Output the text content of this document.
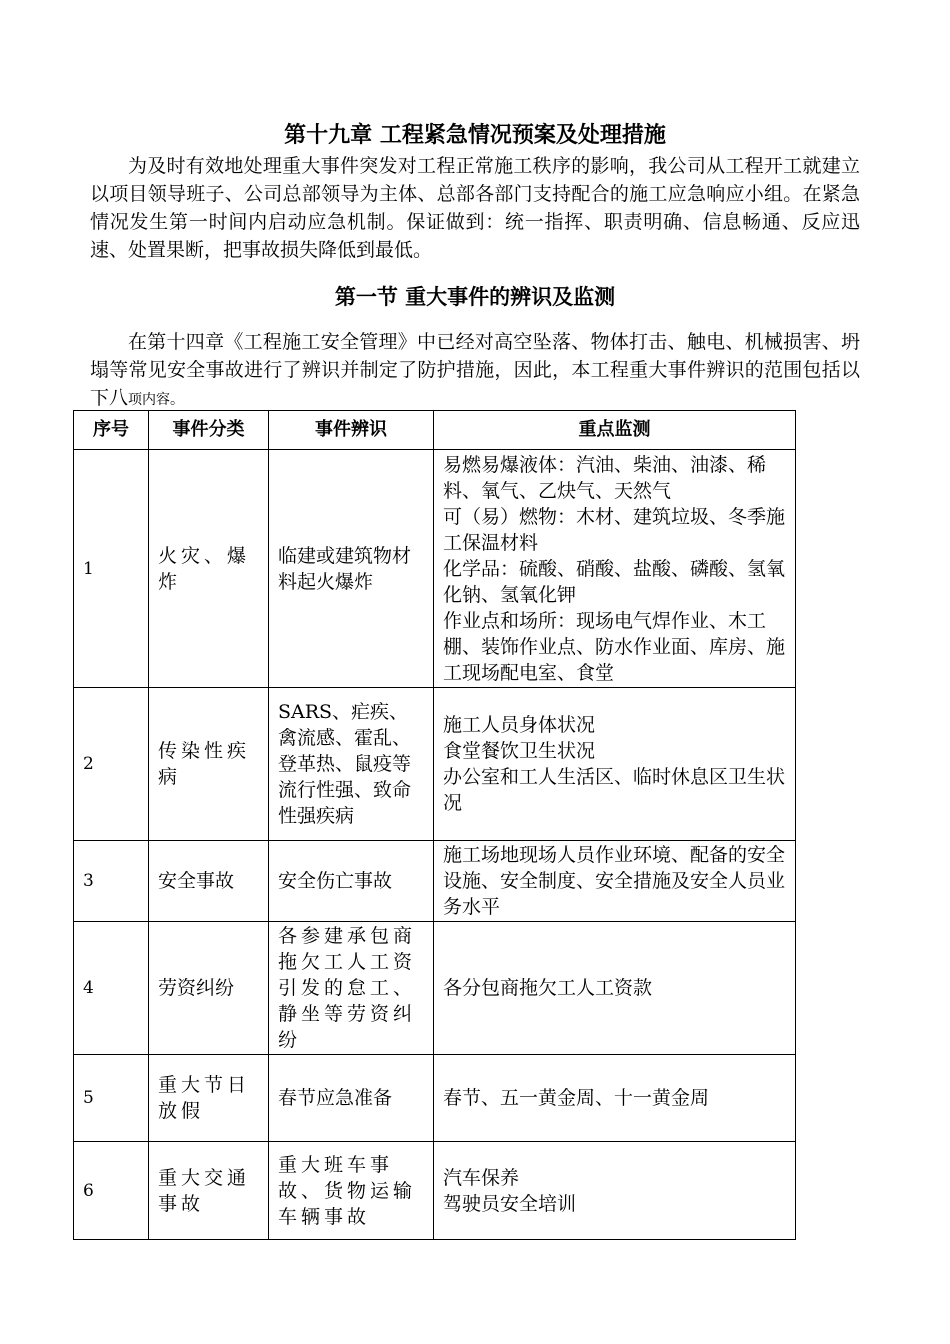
第十九章 工程紧急情况预案及处理措施

为及时有效地处理重大事件突发对工程正常施工秩序的影响，我公司从工程开工就建立以项目领导班子、公司总部领导为主体、总部各部门支持配合的施工应急响应小组。在紧急情况发生第一时间内启动应急机制。保证做到：统一指挥、职责明确、信息畅通、反应迅速、处置果断，把事故损失降低到最低。

第一节 重大事件的辨识及监测

在第十四章《工程施工安全管理》中已经对高空坠落、物体打击、触电、机械损害、坍塌等常见安全事故进行了辨识并制定了防护措施，因此，本工程重大事件辨识的范围包括以下八项内容。

序号	事件分类	事件辨识	重点监测
1	火灾、爆炸	临建或建筑物材料起火爆炸	易燃易爆液体：汽油、柴油、油漆、稀料、氧气、乙炔气、天然气
可（易）燃物：木材、建筑垃圾、冬季施工保温材料
化学品：硫酸、硝酸、盐酸、磷酸、氢氧化钠、氢氧化钾
作业点和场所：现场电气焊作业、木工棚、装饰作业点、防水作业面、库房、施工现场配电室、食堂

2	传染性疾病	SARS、疟疾、禽流感、霍乱、登革热、鼠疫等流行性强、致命性强疾病	施工人员身体状况
食堂餐饮卫生状况
办公室和工人生活区、临时休息区卫生状况

3	安全事故	安全伤亡事故	施工场地现场人员作业环境、配备的安全设施、安全制度、安全措施及安全人员业务水平

4	劳资纠纷	各参建承包商拖欠工人工资引发的怠工、静坐等劳资纠纷	各分包商拖欠工人工资款

5	重大节日放假	春节应急准备	春节、五一黄金周、十一黄金周

6	重大交通事故	重大班车事故、货物运输车辆事故	汽车保养
驾驶员安全培训
